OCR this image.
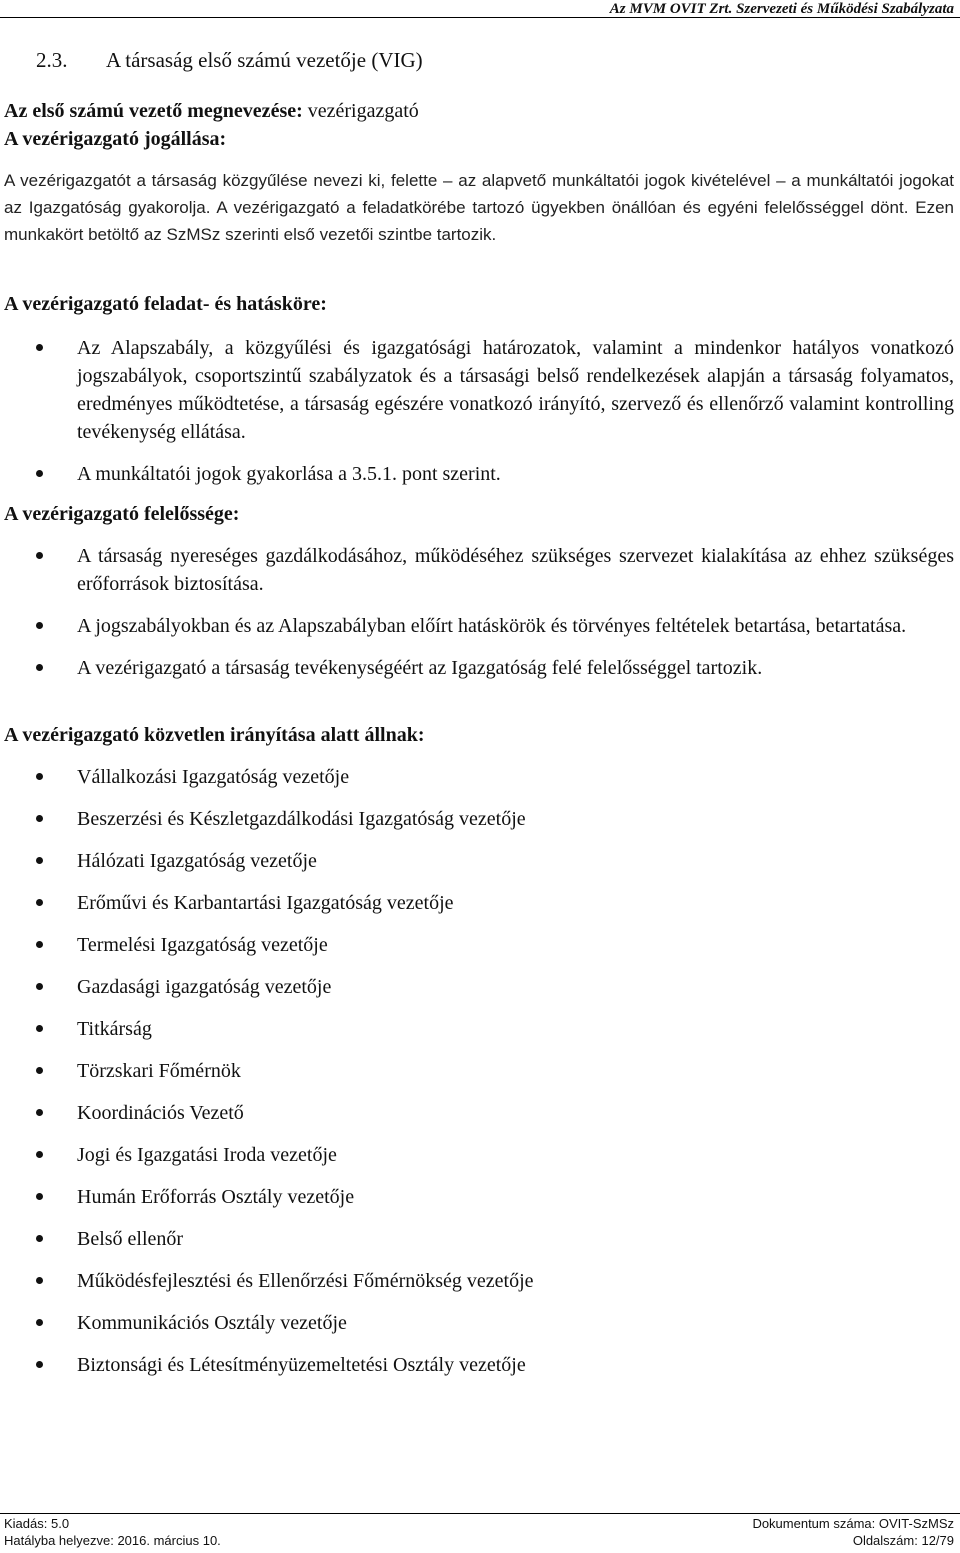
Az MVM OVIT Zrt. Szervezeti és Működési Szabályzata
2.3. A társaság első számú vezetője (VIG)
Az első számú vezető megnevezése: vezérigazgató
A vezérigazgató jogállása:
A vezérigazgatót a társaság közgyűlése nevezi ki, felette – az alapvető munkáltatói jogok kivételével – a munkáltatói jogokat az Igazgatóság gyakorolja. A vezérigazgató a feladatkörébe tartozó ügyekben önállóan és egyéni felelősséggel dönt. Ezen munkakört betöltő az SzMSz szerinti első vezetői szintbe tartozik.
A vezérigazgató feladat- és hatásköre:
Az Alapszabály, a közgyűlési és igazgatósági határozatok, valamint a mindenkor hatályos vonatkozó jogszabályok, csoportszintű szabályzatok és a társasági belső rendelkezések alapján a társaság folyamatos, eredményes működtetése, a társaság egészére vonatkozó irányító, szervező és ellenőrző valamint kontrolling tevékenység ellátása.
A munkáltatói jogok gyakorlása a 3.5.1. pont szerint.
A vezérigazgató felelőssége:
A társaság nyereséges gazdálkodásához, működéséhez szükséges szervezet kialakítása az ehhez szükséges erőforrások biztosítása.
A jogszabályokban és az Alapszabályban előírt hatáskörök és törvényes feltételek betartása, betartatása.
A vezérigazgató a társaság tevékenységéért az Igazgatóság felé felelősséggel tartozik.
A vezérigazgató közvetlen irányítása alatt állnak:
Vállalkozási Igazgatóság vezetője
Beszerzési és Készletgazdálkodási Igazgatóság vezetője
Hálózati Igazgatóság vezetője
Erőművi és Karbantartási Igazgatóság vezetője
Termelési Igazgatóság vezetője
Gazdasági igazgatóság vezetője
Titkárság
Törzskari Főmérnök
Koordinációs Vezető
Jogi és Igazgatási Iroda vezetője
Humán Erőforrás Osztály vezetője
Belső ellenőr
Működésfejlesztési és Ellenőrzési Főmérnökség vezetője
Kommunikációs Osztály vezetője
Biztonsági és Létesítményüzemeltetési Osztály vezetője
Kiadás: 5.0
Hatályba helyezve: 2016. március 10.
Dokumentum száma: OVIT-SzMSz
Oldalszám: 12/79
